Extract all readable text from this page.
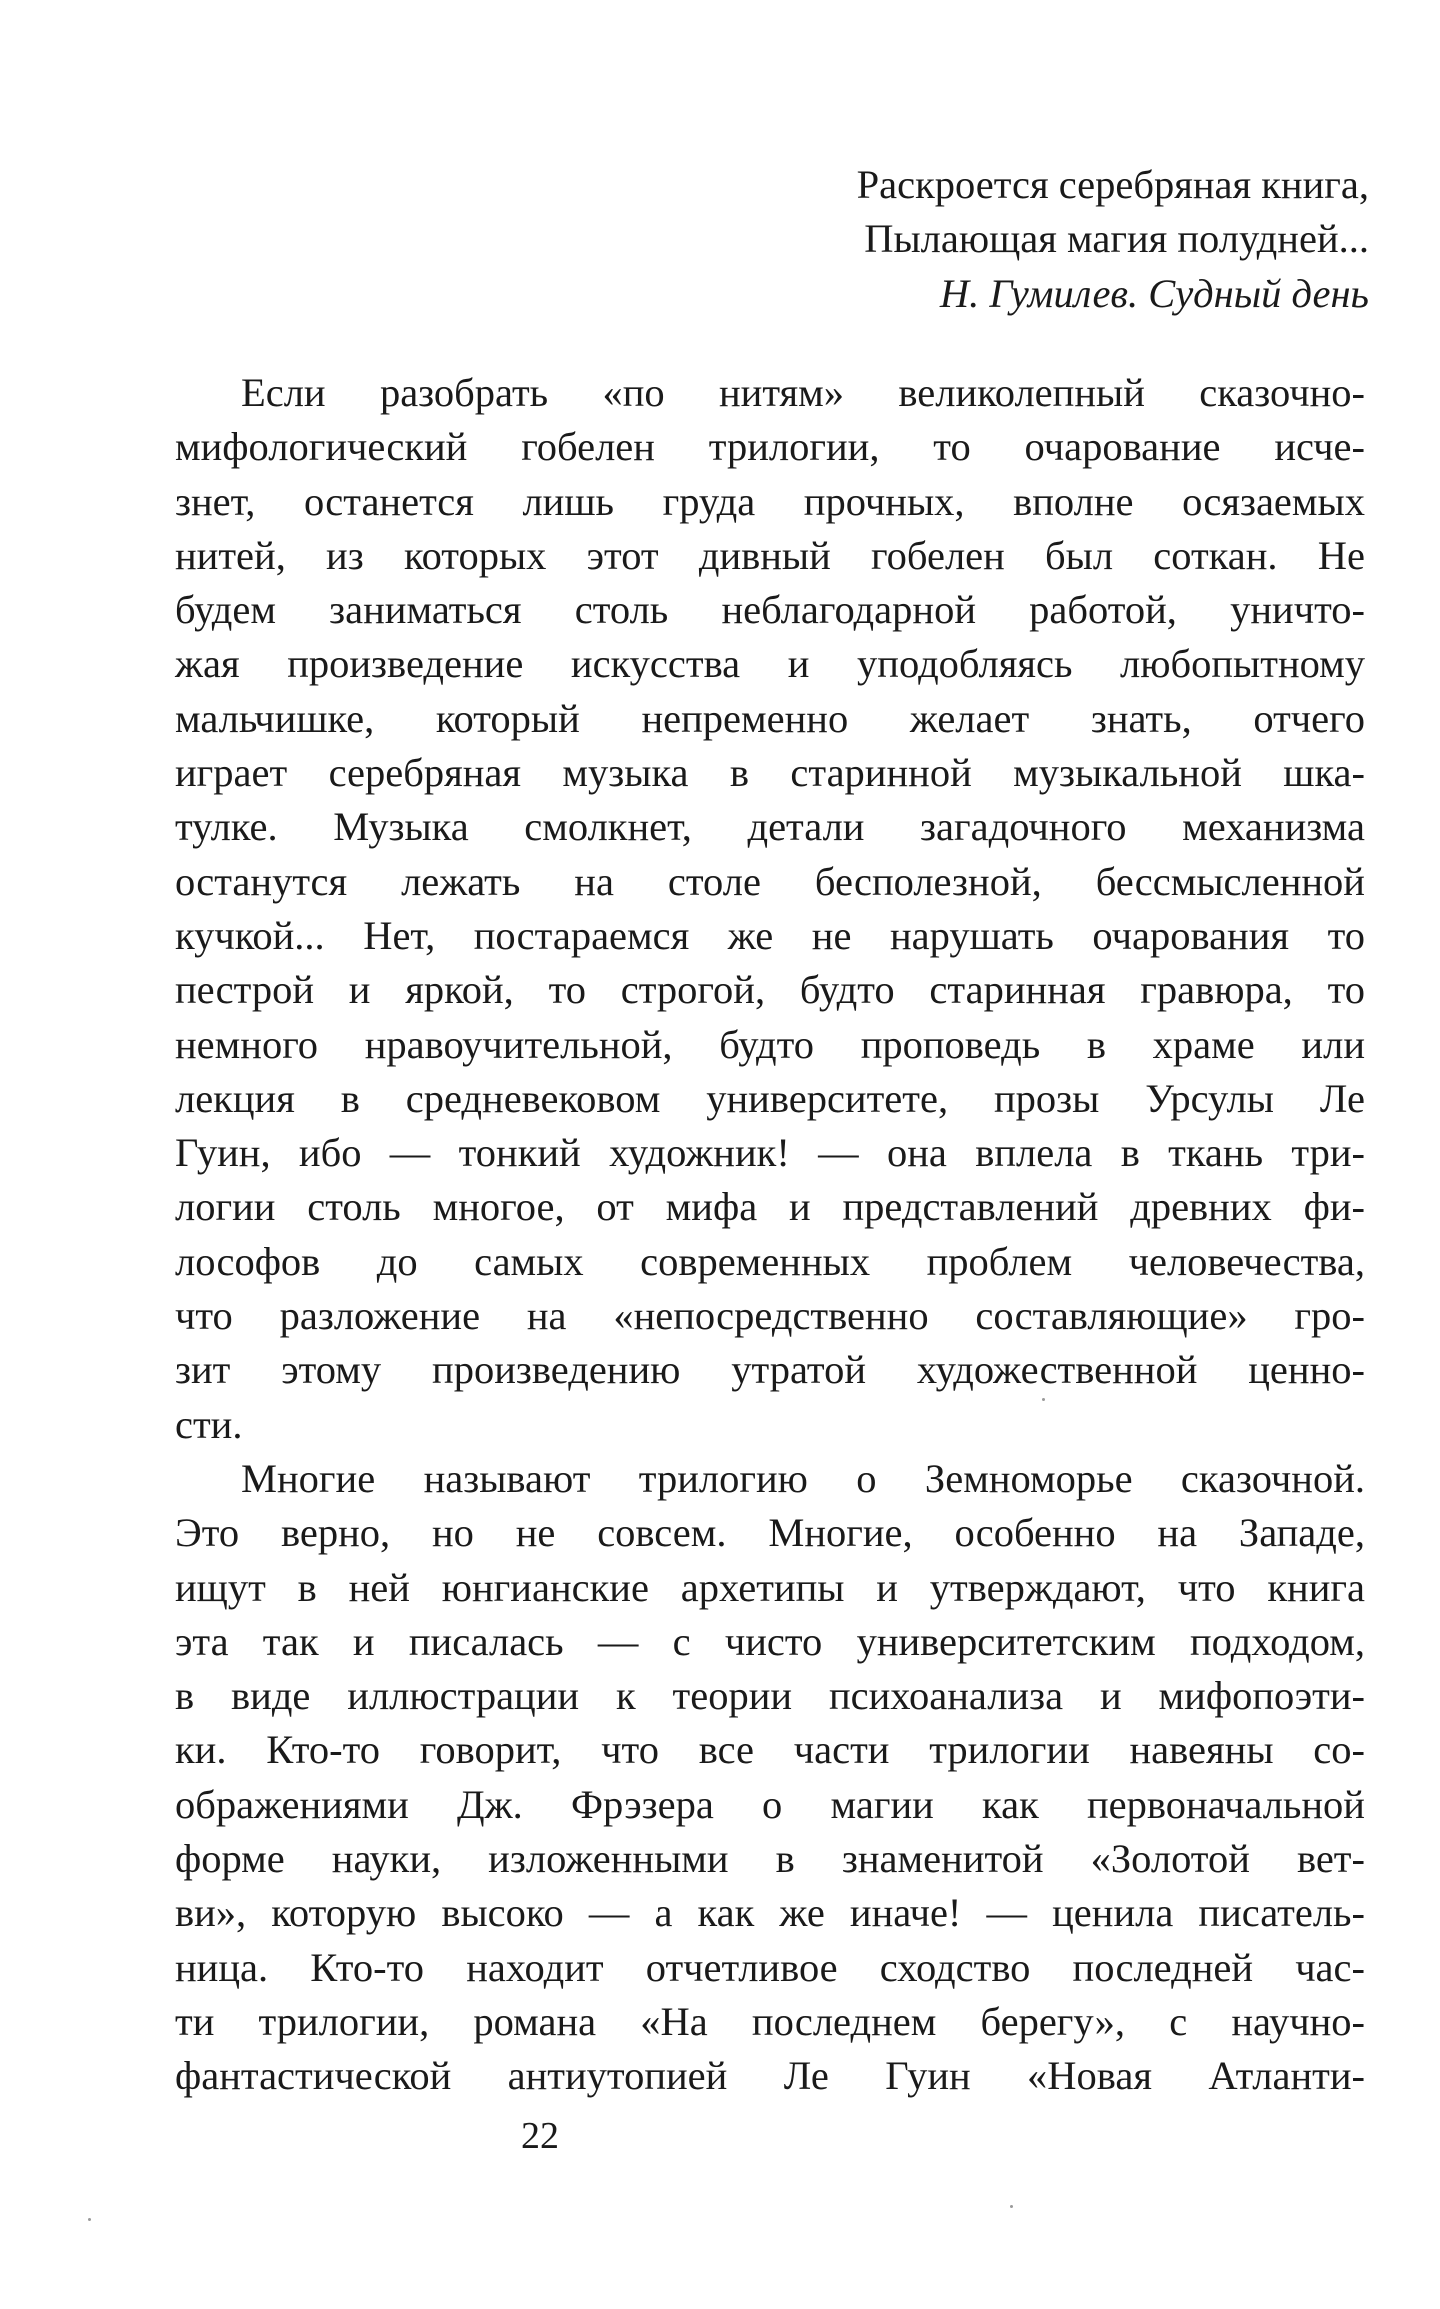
Раскроется серебряная книга,
Пылающая магия полудней...
Н. Гумилев. Судный день
Если разобрать «по нитям» великолепный сказочно-
мифологический гобелен трилогии, то очарование исче-
знет, останется лишь груда прочных, вполне осязаемых
нитей, из которых этот дивный гобелен был соткан. Не
будем заниматься столь неблагодарной работой, уничто-
жая произведение искусства и уподобляясь любопытному
мальчишке, который непременно желает знать, отчего
играет серебряная музыка в старинной музыкальной шка-
тулке. Музыка смолкнет, детали загадочного механизма
останутся лежать на столе бесполезной, бессмысленной
кучкой... Нет, постараемся же не нарушать очарования то
пестрой и яркой, то строгой, будто старинная гравюра, то
немного нравоучительной, будто проповедь в храме или
лекция в средневековом университете, прозы Урсулы Ле
Гуин, ибо — тонкий художник! — она вплела в ткань три-
логии столь многое, от мифа и представлений древних фи-
лософов до самых современных проблем человечества,
что разложение на «непосредственно составляющие» гро-
зит этому произведению утратой художественной ценно-
сти.
Многие называют трилогию о Земноморье сказочной.
Это верно, но не совсем. Многие, особенно на Западе,
ищут в ней юнгианские архетипы и утверждают, что книга
эта так и писалась — с чисто университетским подходом,
в виде иллюстрации к теории психоанализа и мифопоэти-
ки. Кто-то говорит, что все части трилогии навеяны со-
ображениями Дж. Фрэзера о магии как первоначальной
форме науки, изложенными в знаменитой «Золотой вет-
ви», которую высоко — а как же иначе! — ценила писатель-
ница. Кто-то находит отчетливое сходство последней час-
ти трилогии, романа «На последнем берегу», с научно-
фантастической антиутопией Ле Гуин «Новая Атланти-
22
